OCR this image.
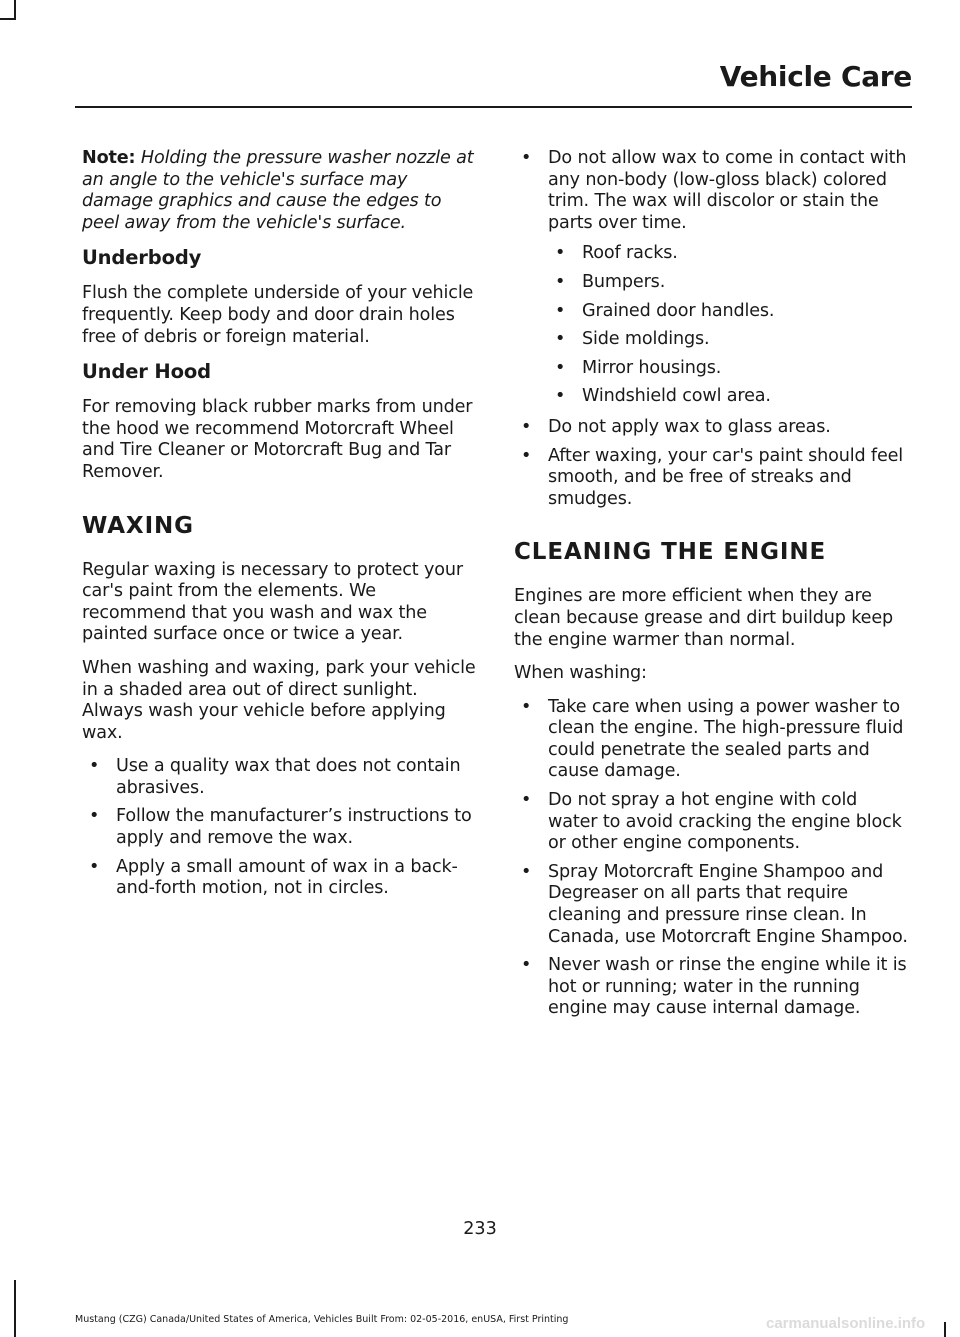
Vehicle Care

Note: Holding the pressure washer nozzle at an angle to the vehicle's surface may damage graphics and cause the edges to peel away from the vehicle's surface.

Underbody

Flush the complete underside of your vehicle frequently. Keep body and door drain holes free of debris or foreign material.

Under Hood

For removing black rubber marks from under the hood we recommend Motorcraft Wheel and Tire Cleaner or Motorcraft Bug and Tar Remover.

WAXING

Regular waxing is necessary to protect your car's paint from the elements. We recommend that you wash and wax the painted surface once or twice a year.

When washing and waxing, park your vehicle in a shaded area out of direct sunlight. Always wash your vehicle before applying wax.

• Use a quality wax that does not contain abrasives.
• Follow the manufacturer’s instructions to apply and remove the wax.
• Apply a small amount of wax in a back-and-forth motion, not in circles.
• Do not allow wax to come in contact with any non-body (low-gloss black) colored trim. The wax will discolor or stain the parts over time.
• Roof racks.
• Bumpers.
• Grained door handles.
• Side moldings.
• Mirror housings.
• Windshield cowl area.
• Do not apply wax to glass areas.
• After waxing, your car's paint should feel smooth, and be free of streaks and smudges.
CLEANING THE ENGINE

Engines are more efficient when they are clean because grease and dirt buildup keep the engine warmer than normal.

When washing:

• Take care when using a power washer to clean the engine. The high-pressure fluid could penetrate the sealed parts and cause damage.
• Do not spray a hot engine with cold water to avoid cracking the engine block or other engine components.
• Spray Motorcraft Engine Shampoo and Degreaser on all parts that require cleaning and pressure rinse clean. In Canada, use Motorcraft Engine Shampoo.
• Never wash or rinse the engine while it is hot or running; water in the running engine may cause internal damage.
233
Mustang (CZG) Canada/United States of America, Vehicles Built From: 02-05-2016, enUSA, First Printing	carmanualsonline.info
